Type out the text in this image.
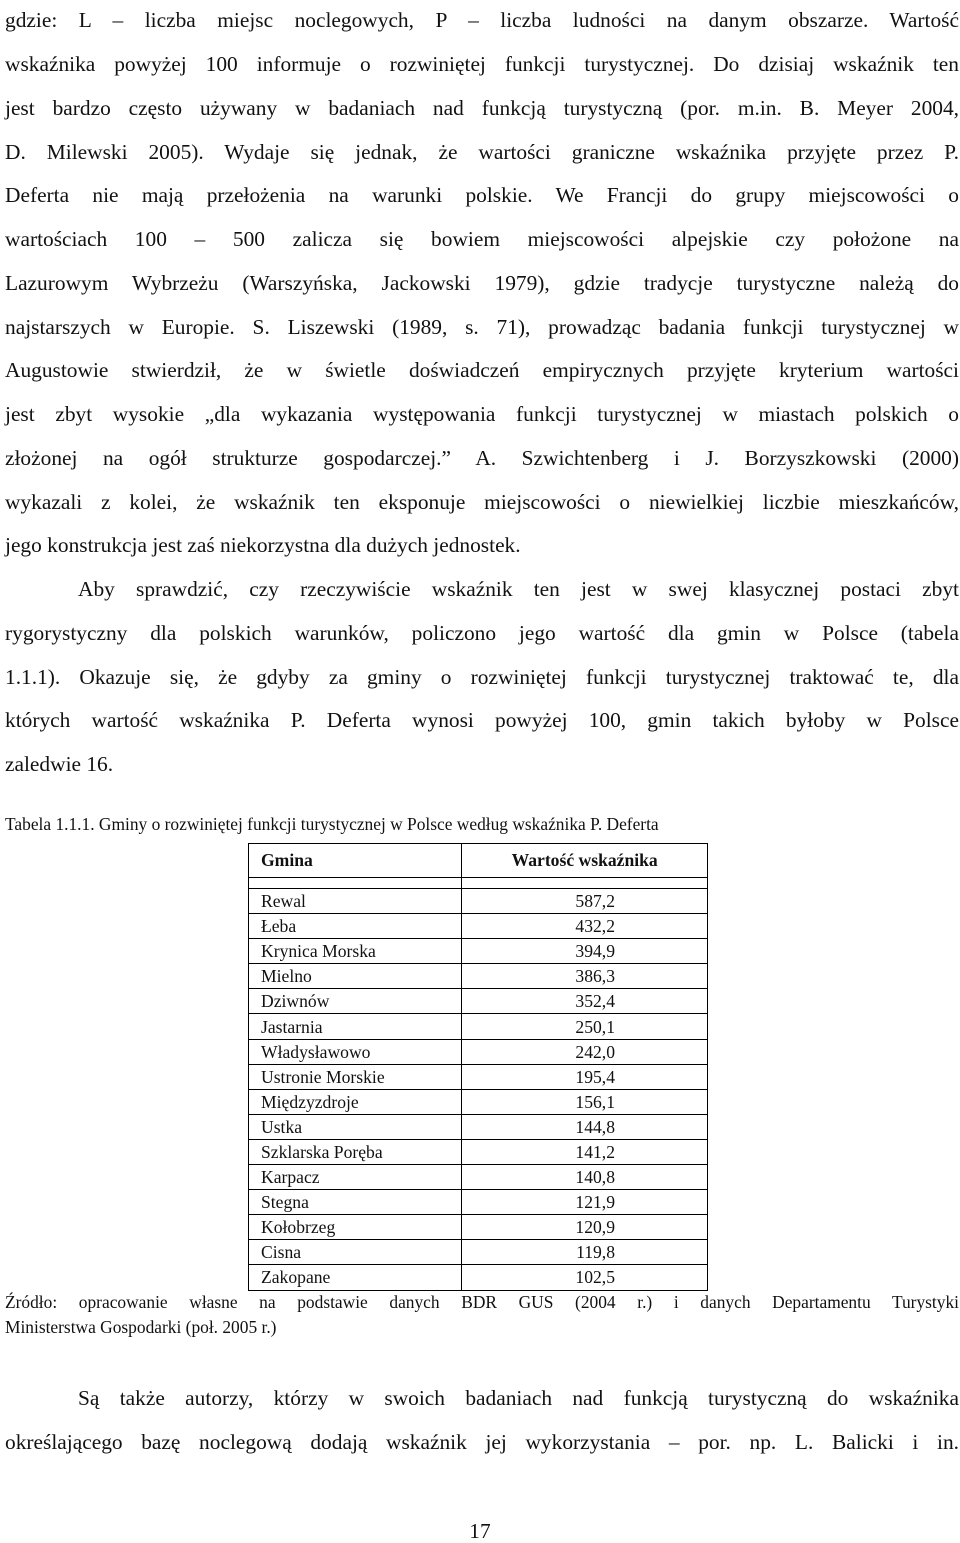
gdzie: L – liczba miejsc noclegowych, P – liczba ludności na danym obszarze. Wartość
wskaźnika powyżej 100 informuje o rozwiniętej funkcji turystycznej. Do dzisiaj wskaźnik ten
jest bardzo często używany w badaniach nad funkcją turystyczną (por. m.in. B. Meyer 2004,
D. Milewski 2005). Wydaje się jednak, że wartości graniczne wskaźnika przyjęte przez P.
Deferta nie mają przełożenia na warunki polskie. We Francji do grupy miejscowości o
wartościach 100 – 500 zalicza się bowiem miejscowości alpejskie czy położone na
Lazurowym Wybrzeżu (Warszyńska, Jackowski 1979), gdzie tradycje turystyczne należą do
najstarszych w Europie. S. Liszewski (1989, s. 71), prowadząc badania funkcji turystycznej w
Augustowie stwierdził, że w świetle doświadczeń empirycznych przyjęte kryterium wartości
jest zbyt wysokie „dla wykazania występowania funkcji turystycznej w miastach polskich o
złożonej na ogół strukturze gospodarczej.” A. Szwichtenberg i J. Borzyszkowski (2000)
wykazali z kolei, że wskaźnik ten eksponuje miejscowości o niewielkiej liczbie mieszkańców,
jego konstrukcja jest zaś niekorzystna dla dużych jednostek.
Aby sprawdzić, czy rzeczywiście wskaźnik ten jest w swej klasycznej postaci zbyt
rygorystyczny dla polskich warunków, policzono jego wartość dla gmin w Polsce (tabela
1.1.1). Okazuje się, że gdyby za gminy o rozwiniętej funkcji turystycznej traktować te, dla
których wartość wskaźnika P. Deferta wynosi powyżej 100, gmin takich byłoby w Polsce
zaledwie 16.
Tabela 1.1.1. Gminy o rozwiniętej funkcji turystycznej w Polsce według wskaźnika P. Deferta
Gmina	Wartość wskaźnika

Rewal	587,2
Łeba	432,2
Krynica Morska	394,9
Mielno	386,3
Dziwnów	352,4
Jastarnia	250,1
Władysławowo	242,0
Ustronie Morskie	195,4
Międzyzdroje	156,1
Ustka	144,8
Szklarska Poręba	141,2
Karpacz	140,8
Stegna	121,9
Kołobrzeg	120,9
Cisna	119,8
Zakopane	102,5
Źródło: opracowanie własne na podstawie danych BDR GUS (2004 r.) i danych Departamentu Turystyki
Ministerstwa Gospodarki (poł. 2005 r.)
Są także autorzy, którzy w swoich badaniach nad funkcją turystyczną do wskaźnika
określającego bazę noclegową dodają wskaźnik jej wykorzystania – por. np. L. Balicki i in.
17
